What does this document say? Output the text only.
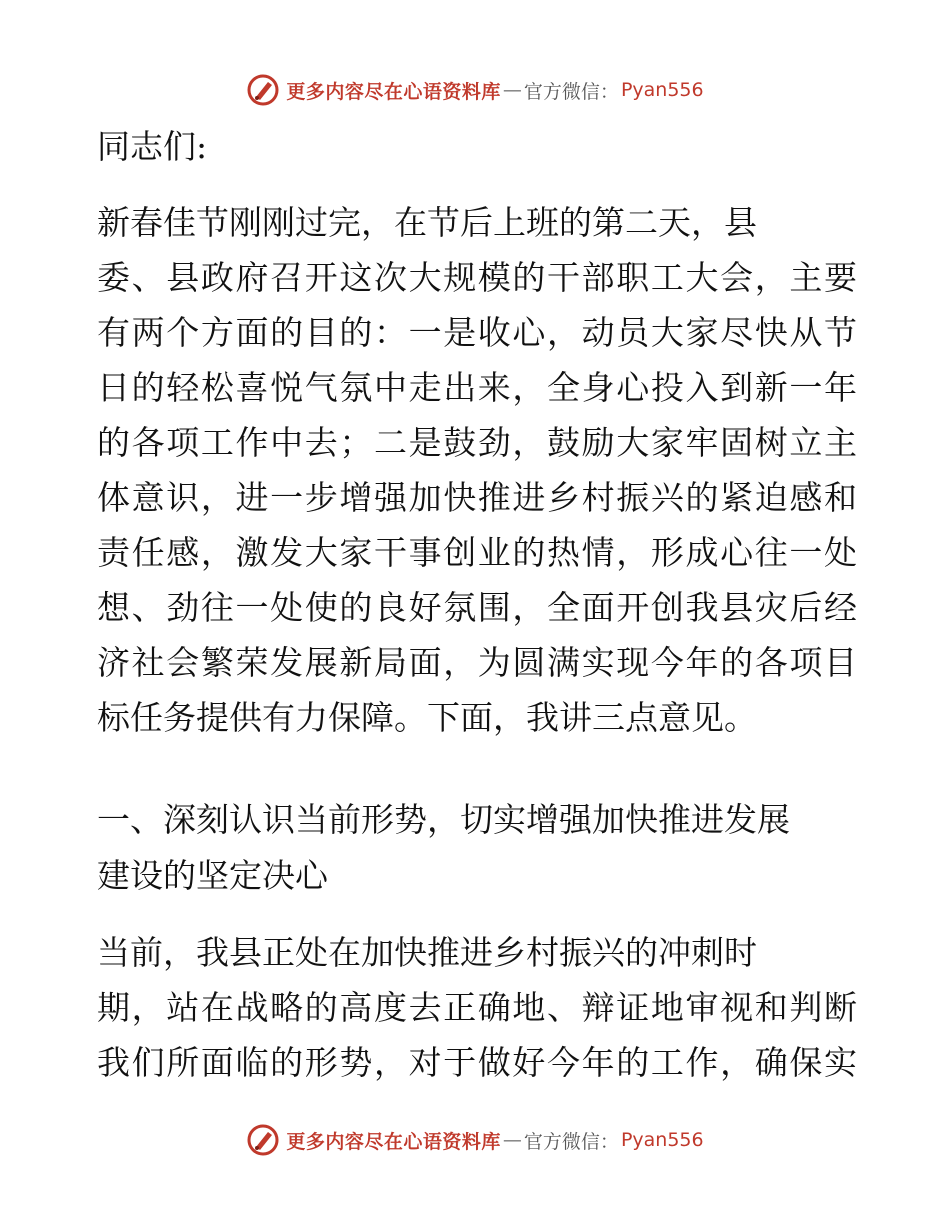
更多内容尽在心语资料库 — 官方微信： Pyan556
同志们:
新春佳节刚刚过完，在节后上班的第二天，县
委、县政府召开这次大规模的干部职工大会，主要
有两个方面的目的：一是收心，动员大家尽快从节
日的轻松喜悦气氛中走出来，全身心投入到新一年
的各项工作中去；二是鼓劲，鼓励大家牢固树立主
体意识，进一步增强加快推进乡村振兴的紧迫感和
责任感，激发大家干事创业的热情，形成心往一处
想、劲往一处使的良好氛围，全面开创我县灾后经
济社会繁荣发展新局面，为圆满实现今年的各项目
标任务提供有力保障。下面，我讲三点意见。
一、深刻认识当前形势，切实增强加快推进发展
建设的坚定决心
当前，我县正处在加快推进乡村振兴的冲刺时
期，站在战略的高度去正确地、辩证地审视和判断
我们所面临的形势，对于做好今年的工作，确保实
更多内容尽在心语资料库 — 官方微信： Pyan556
